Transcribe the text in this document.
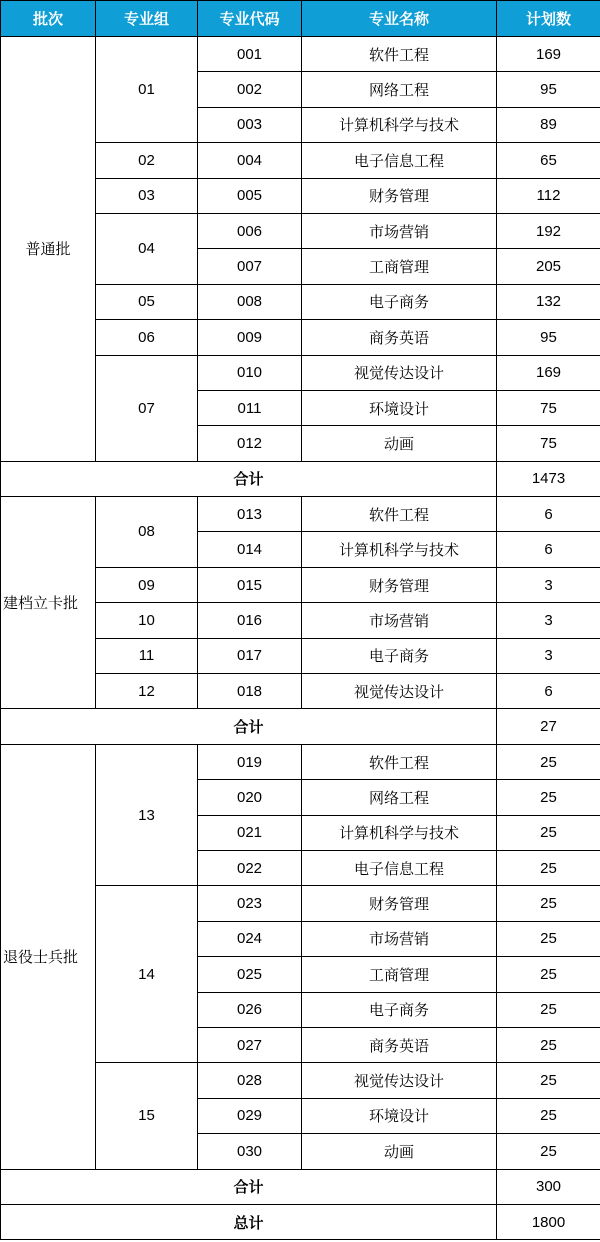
批次	专业组	专业代码	专业名称	计划数
普通批	01	001	软件工程	169
		002	网络工程	95
		003	计算机科学与技术	89
	02	004	电子信息工程	65
	03	005	财务管理	112
	04	006	市场营销	192
		007	工商管理	205
	05	008	电子商务	132
	06	009	商务英语	95
	07	010	视觉传达设计	169
		011	环境设计	75
		012	动画	75
合计				1473
建档立卡批	08	013	软件工程	6
		014	计算机科学与技术	6
	09	015	财务管理	3
	10	016	市场营销	3
	11	017	电子商务	3
	12	018	视觉传达设计	6
合计				27
退役士兵批	13	019	软件工程	25
		020	网络工程	25
		021	计算机科学与技术	25
		022	电子信息工程	25
	14	023	财务管理	25
		024	市场营销	25
		025	工商管理	25
		026	电子商务	25
		027	商务英语	25
	15	028	视觉传达设计	25
		029	环境设计	25
		030	动画	25
合计				300
总计				1800
